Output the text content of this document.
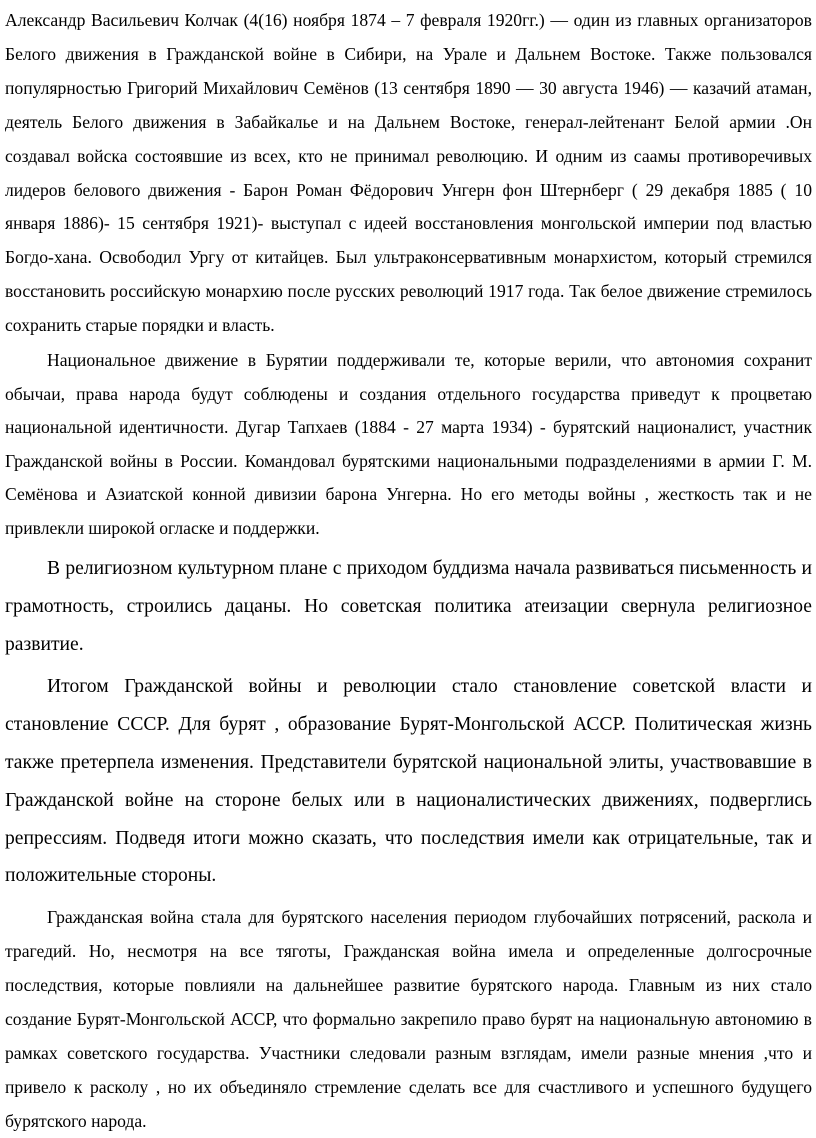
Александр Васильевич Колчак (4(16) ноября 1874 – 7 февраля 1920гг.) — один из главных организаторов Белого движения в Гражданской войне в Сибири, на Урале и Дальнем Востоке. Также пользовался популярностью Григорий Михайлович Семёнов (13 сентября 1890 — 30 августа 1946) — казачий атаман, деятель Белого движения в Забайкалье и на Дальнем Востоке, генерал-лейтенант Белой армии .Он создавал войска состоявшие из всех, кто не принимал революцию. И одним из саамы противоречивых лидеров белового движения - Барон Роман Фёдорович Унгерн фон Штернберг ( 29 декабря 1885 ( 10 января 1886)- 15 сентября 1921)- выступал с идеей восстановления монгольской империи под властью Богдо-хана. Освободил Ургу от китайцев. Был ультраконсервативным монархистом, который стремился восстановить российскую монархию после русских революций 1917 года. Так белое движение стремилось сохранить старые порядки и власть.

Национальное движение в Бурятии поддерживали те, которые верили, что автономия сохранит обычаи, права народа будут соблюдены и создания отдельного государства приведут к процветаю национальной идентичности. Дугар Тапхаев (1884 - 27 марта 1934) - бурятский националист, участник Гражданской войны в России. Командовал бурятскими национальными подразделениями в армии Г. М. Семёнова и Азиатской конной дивизии барона Унгерна. Но его методы войны , жесткость так и не привлекли широкой огласке и поддержки.

В религиозном культурном плане с приходом буддизма начала развиваться письменность и грамотность, строились дацаны. Но советская политика атеизации свернула религиозное развитие.

Итогом Гражданской войны и революции стало становление советской власти и становление СССР. Для бурят , образование Бурят-Монгольской АССР. Политическая жизнь также претерпела изменения. Представители бурятской национальной элиты, участвовавшие в Гражданской войне на стороне белых или в националистических движениях, подверглись репрессиям. Подведя итоги можно сказать, что последствия имели как отрицательные, так и положительные стороны.

Гражданская война стала для бурятского населения периодом глубочайших потрясений, раскола и трагедий. Но, несмотря на все тяготы, Гражданская война имела и определенные долгосрочные последствия, которые повлияли на дальнейшее развитие бурятского народа. Главным из них стало создание Бурят-Монгольской АССР, что формально закрепило право бурят на национальную автономию в рамках советского государства. Участники следовали разным взглядам, имели разные мнения ,что и привело к расколу , но их объединяло стремление сделать все для счастливого и успешного будущего бурятского народа.
